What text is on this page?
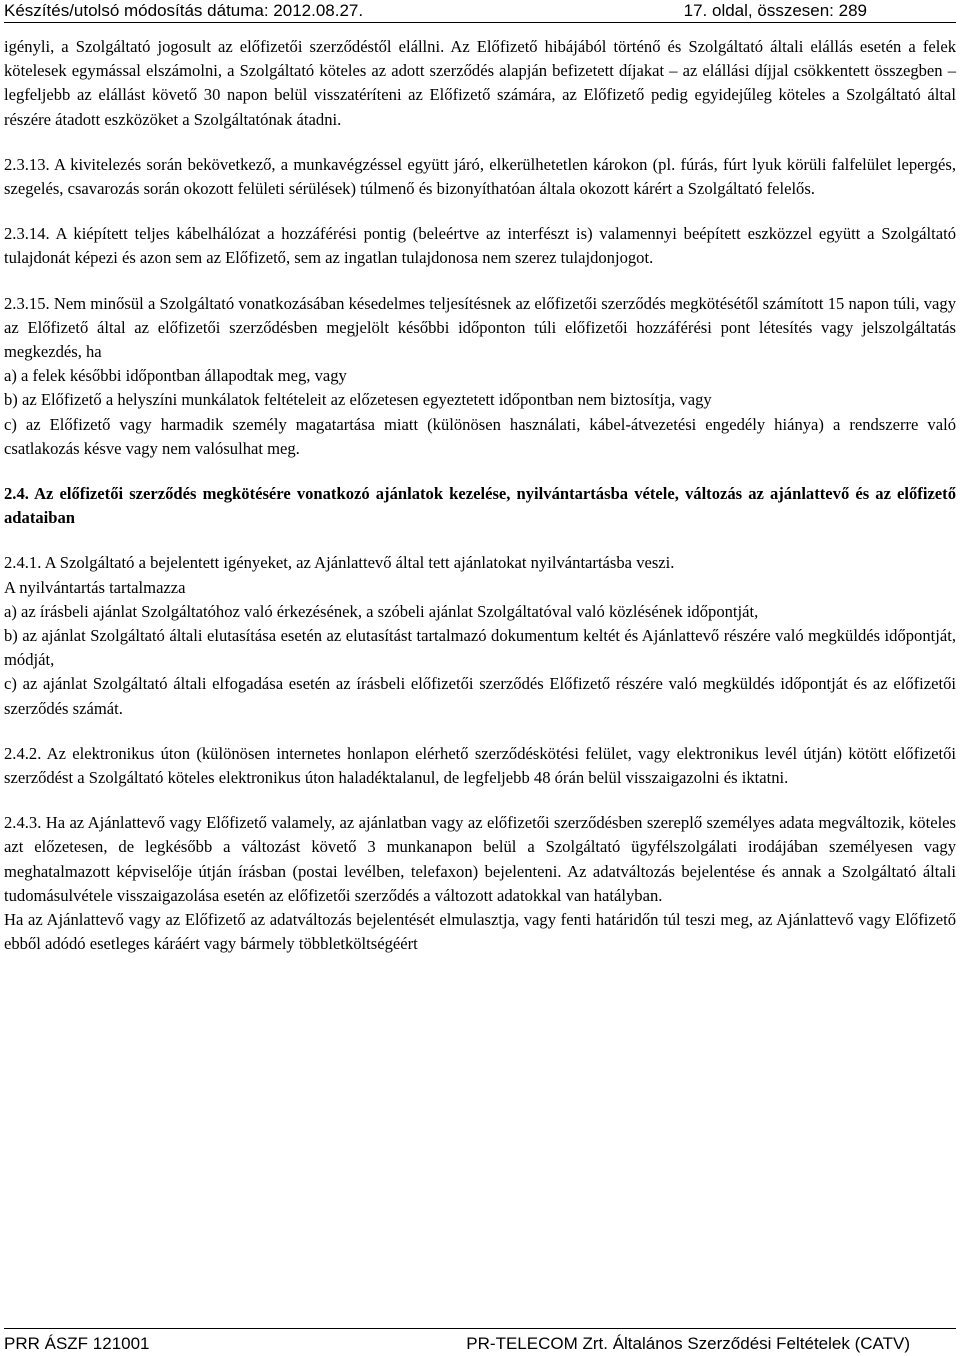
Készítés/utolsó módosítás dátuma: 2012.08.27.	17. oldal, összesen: 289

igényli, a Szolgáltató jogosult az előfizetői szerződéstől elállni. Az Előfizető hibájából történő és Szolgáltató általi elállás esetén a felek kötelesek egymással elszámolni, a Szolgáltató köteles az adott szerződés alapján befizetett díjakat – az elállási díjjal csökkentett összegben – legfeljebb az elállást követő 30 napon belül visszatéríteni az Előfizető számára, az Előfizető pedig egyidejűleg köteles a Szolgáltató által részére átadott eszközöket a Szolgáltatónak átadni.

2.3.13. A kivitelezés során bekövetkező, a munkavégzéssel együtt járó, elkerülhetetlen károkon (pl. fúrás, fúrt lyuk körüli falfelület lepergés, szegelés, csavarozás során okozott felületi sérülések) túlmenő és bizonyíthatóan általa okozott kárért a Szolgáltató felelős.

2.3.14. A kiépített teljes kábelhálózat a hozzáférési pontig (beleértve az interfészt is) valamennyi beépített eszközzel együtt a Szolgáltató tulajdonát képezi és azon sem az Előfizető, sem az ingatlan tulajdonosa nem szerez tulajdonjogot.

2.3.15. Nem minősül a Szolgáltató vonatkozásában késedelmes teljesítésnek az előfizetői szerződés megkötésétől számított 15 napon túli, vagy az Előfizető által az előfizetői szerződésben megjelölt későbbi időponton túli előfizetői hozzáférési pont létesítés vagy jelszolgáltatás megkezdés, ha

a) a felek későbbi időpontban állapodtak meg, vagy

b) az Előfizető a helyszíni munkálatok feltételeit az előzetesen egyeztetett időpontban nem biztosítja, vagy

c) az Előfizető vagy harmadik személy magatartása miatt (különösen használati, kábel-átvezetési engedély hiánya) a rendszerre való csatlakozás késve vagy nem valósulhat meg.

2.4. Az előfizetői szerződés megkötésére vonatkozó ajánlatok kezelése, nyilvántartásba vétele, változás az ajánlattevő és az előfizető adataiban

2.4.1. A Szolgáltató a bejelentett igényeket, az Ajánlattevő által tett ajánlatokat nyilvántartásba veszi.

A nyilvántartás tartalmazza

a) az írásbeli ajánlat Szolgáltatóhoz való érkezésének, a szóbeli ajánlat Szolgáltatóval való közlésének időpontját,

b) az ajánlat Szolgáltató általi elutasítása esetén az elutasítást tartalmazó dokumentum keltét és Ajánlattevő részére való megküldés időpontját, módját,

c) az ajánlat Szolgáltató általi elfogadása esetén az írásbeli előfizetői szerződés Előfizető részére való megküldés időpontját és az előfizetői szerződés számát.

2.4.2. Az elektronikus úton (különösen internetes honlapon elérhető szerződéskötési felület, vagy elektronikus levél útján) kötött előfizetői szerződést a Szolgáltató köteles elektronikus úton haladéktalanul, de legfeljebb 48 órán belül visszaigazolni és iktatni.

2.4.3. Ha az Ajánlattevő vagy Előfizető valamely, az ajánlatban vagy az előfizetői szerződésben szereplő személyes adata megváltozik, köteles azt előzetesen, de legkésőbb a változást követő 3 munkanapon belül a Szolgáltató ügyfélszolgálati irodájában személyesen vagy meghatalmazott képviselője útján írásban (postai levélben, telefaxon) bejelenteni. Az adatváltozás bejelentése és annak a Szolgáltató általi tudomásulvétele visszaigazolása esetén az előfizetői szerződés a változott adatokkal van hatályban.

Ha az Ajánlattevő vagy az Előfizető az adatváltozás bejelentését elmulasztja, vagy fenti határidőn túl teszi meg, az Ajánlattevő vagy Előfizető ebből adódó esetleges káráért vagy bármely többletköltségéért

PRR ÁSZF 121001	PR-TELECOM Zrt. Általános Szerződési Feltételek (CATV)
